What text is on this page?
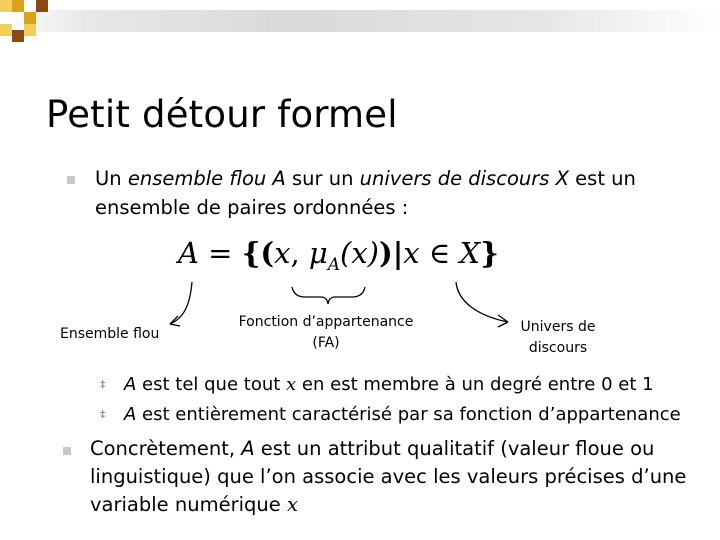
Petit détour formel
Un ensemble flou A sur un univers de discours X est un
ensemble de paires ordonnées :
A = {(x, $\mu_A(x))|x$ ∈ X}
Ensemble flou
Fonction d’appartenance
(FA)
Univers de
discours
‡ A est tel que tout x en est membre à un degré entre 0 et 1
‡ A est entièrement caractérisé par sa fonction d’appartenance
Concrètement, A est un attribut qualitatif (valeur floue ou
linguistique) que l’on associe avec les valeurs précises d’une
variable numérique x
